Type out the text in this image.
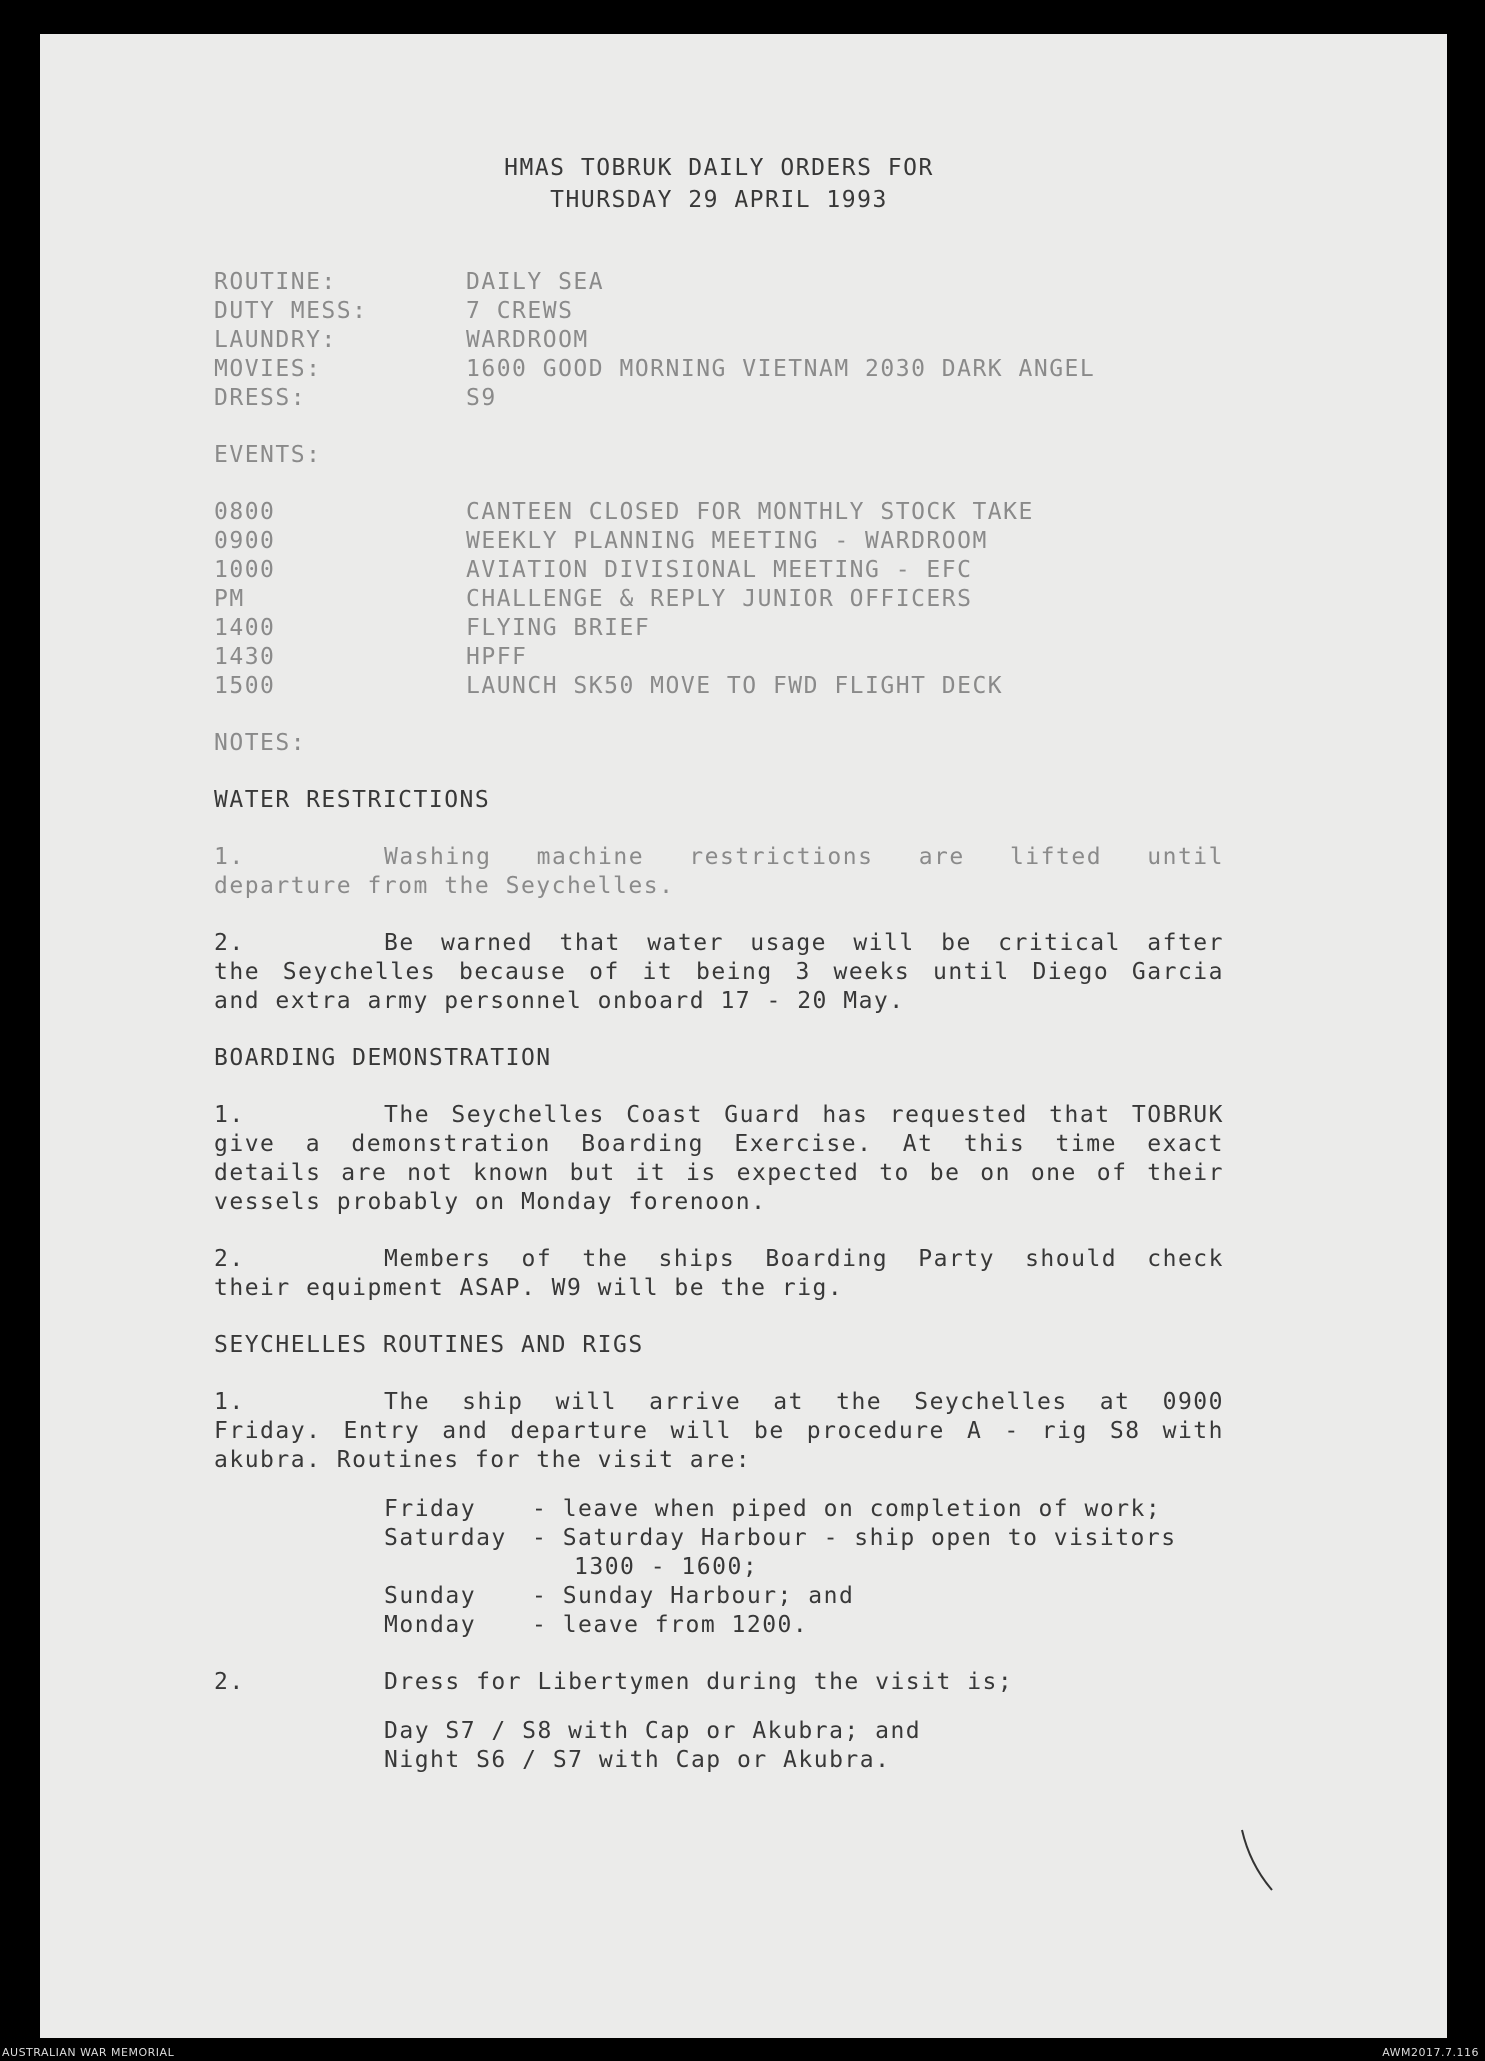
HMAS TOBRUK DAILY ORDERS FOR
THURSDAY 29 APRIL 1993
ROUTINE:	DAILY SEA
DUTY MESS:	7 CREWS
LAUNDRY:	WARDROOM
MOVIES:	1600 GOOD MORNING VIETNAM 2030 DARK ANGEL
DRESS:	S9
EVENTS:
0800	CANTEEN CLOSED FOR MONTHLY STOCK TAKE
0900	WEEKLY PLANNING MEETING - WARDROOM
1000	AVIATION DIVISIONAL MEETING - EFC
PM	CHALLENGE & REPLY JUNIOR OFFICERS
1400	FLYING BRIEF
1430	HPFF
1500	LAUNCH SK50 MOVE TO FWD FLIGHT DECK
NOTES:
WATER RESTRICTIONS
1.	Washing machine restrictions are lifted until
departure from the Seychelles.
2.	Be warned that water usage will be critical after
the Seychelles because of it being 3 weeks until Diego Garcia
and extra army personnel onboard 17 - 20 May.
BOARDING DEMONSTRATION
1.	The Seychelles Coast Guard has requested that TOBRUK
give a demonstration Boarding Exercise. At this time exact
details are not known but it is expected to be on one of their
vessels probably on Monday forenoon.
2.	Members of the ships Boarding Party should check
their equipment ASAP. W9 will be the rig.
SEYCHELLES ROUTINES AND RIGS
1.	The ship will arrive at the Seychelles at 0900
Friday. Entry and departure will be procedure A - rig S8 with
akubra. Routines for the visit are:
Friday	- leave when piped on completion of work;
Saturday	- Saturday Harbour - ship open to visitors
1300 - 1600;
Sunday	- Sunday Harbour; and
Monday	- leave from 1200.
2.	Dress for Libertymen during the visit is;
Day S7 / S8 with Cap or Akubra; and
Night S6 / S7 with Cap or Akubra.
AUSTRALIAN WAR MEMORIAL	AWM2017.7.116
